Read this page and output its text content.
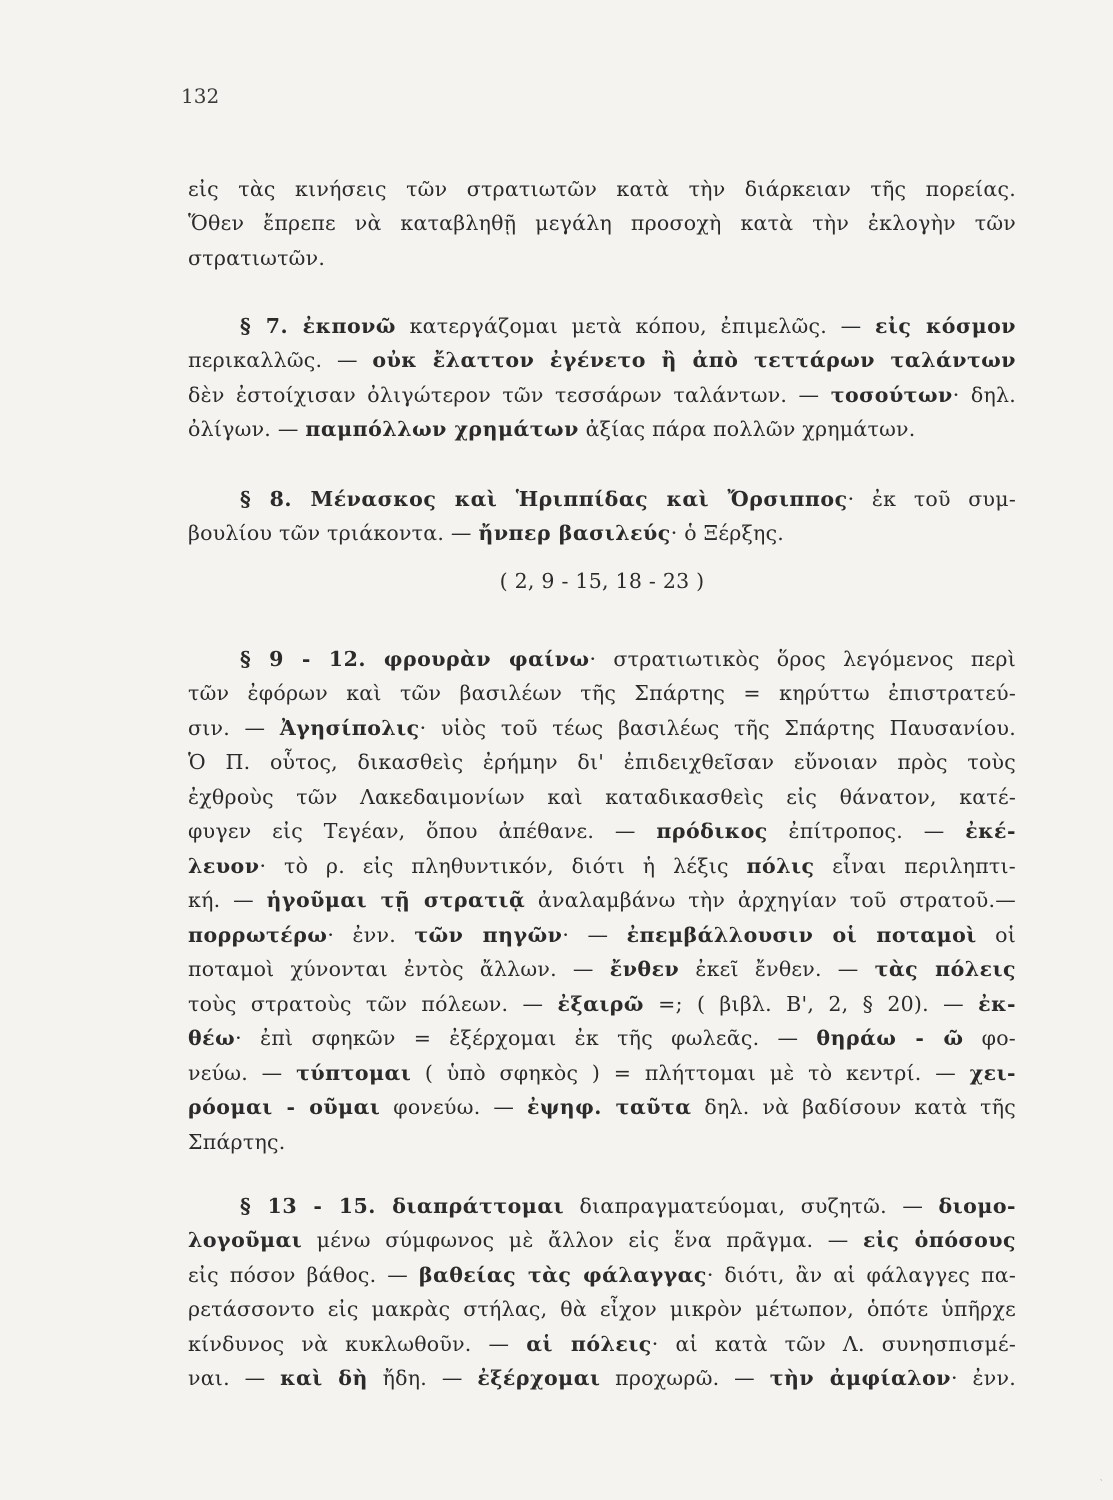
132

εἰς τὰς κινήσεις τῶν στρατιωτῶν κατὰ τὴν διάρκειαν τῆς πορείας.
Ὅθεν ἔπρεπε νὰ καταβληθῇ μεγάλη προσοχὴ κατὰ τὴν ἐκλογὴν τῶν
στρατιωτῶν.

§ 7. ἐκπονῶ κατεργάζομαι μετὰ κόπου, ἐπιμελῶς. — εἰς κόσμον
περικαλλῶς. — οὐκ ἔλαττον ἐγένετο ἢ ἀπὸ τεττάρων ταλάντων
δὲν ἐστοίχισαν ὀλιγώτερον τῶν τεσσάρων ταλάντων. — τοσούτων· δηλ.
ὀλίγων. — παμπόλλων χρημάτων ἀξίας πάρα πολλῶν χρημάτων.

§ 8. Μένασκος καὶ Ἡριππίδας καὶ Ὄρσιππος· ἐκ τοῦ συμ-
βουλίου τῶν τριάκοντα. — ἤνπερ βασιλεύς· ὁ Ξέρξης.

( 2, 9 - 15, 18 - 23 )

§ 9 - 12. φρουρὰν φαίνω· στρατιωτικὸς ὅρος λεγόμενος περὶ
τῶν ἐφόρων καὶ τῶν βασιλέων τῆς Σπάρτης = κηρύττω ἐπιστρατεύ-
σιν. — Ἀγησίπολις· υἱὸς τοῦ τέως βασιλέως τῆς Σπάρτης Παυσανίου.
Ὁ Π. οὗτος, δικασθεὶς ἐρήμην δι' ἐπιδειχθεῖσαν εὔνοιαν πρὸς τοὺς
ἐχθροὺς τῶν Λακεδαιμονίων καὶ καταδικασθεὶς εἰς θάνατον, κατέ-
φυγεν εἰς Τεγέαν, ὅπου ἀπέθανε. — πρόδικος ἐπίτροπος. — ἐκέ-
λευον· τὸ ρ. εἰς πληθυντικόν, διότι ἡ λέξις πόλις εἶναι περιληπτι-
κή. — ἡγοῦμαι τῇ στρατιᾷ ἀναλαμβάνω τὴν ἀρχηγίαν τοῦ στρατοῦ.—
πορρωτέρω· ἐνν. τῶν πηγῶν· — ἐπεμβάλλουσιν οἱ ποταμοὶ οἱ
ποταμοὶ χύνονται ἐντὸς ἄλλων. — ἔνθεν ἐκεῖ ἔνθεν. — τὰς πόλεις
τοὺς στρατοὺς τῶν πόλεων. — ἐξαιρῶ =; ( βιβλ. Β', 2, § 20). — ἐκ-
θέω· ἐπὶ σφηκῶν = ἐξέρχομαι ἐκ τῆς φωλεᾶς. — θηράω - ῶ φο-
νεύω. — τύπτομαι ( ὑπὸ σφηκὸς ) = πλήττομαι μὲ τὸ κεντρί. — χει-
ρόομαι - οῦμαι φονεύω. — ἐψηφ. ταῦτα δηλ. νὰ βαδίσουν κατὰ τῆς
Σπάρτης.

§ 13 - 15. διαπράττομαι διαπραγματεύομαι, συζητῶ. — διομο-
λογοῦμαι μένω σύμφωνος μὲ ἄλλον εἰς ἕνα πρᾶγμα. — εἰς ὁπόσους
εἰς πόσον βάθος. — βαθείας τὰς φάλαγγας· διότι, ἂν αἱ φάλαγγες πα-
ρετάσσοντο εἰς μακρὰς στήλας, θὰ εἶχον μικρὸν μέτωπον, ὁπότε ὑπῆρχε
κίνδυνος νὰ κυκλωθοῦν. — αἱ πόλεις· αἱ κατὰ τῶν Λ. συνησπισμέ-
ναι. — καὶ δὴ ἤδη. — ἐξέρχομαι προχωρῶ. — τὴν ἀμφίαλον· ἐνν.

`
